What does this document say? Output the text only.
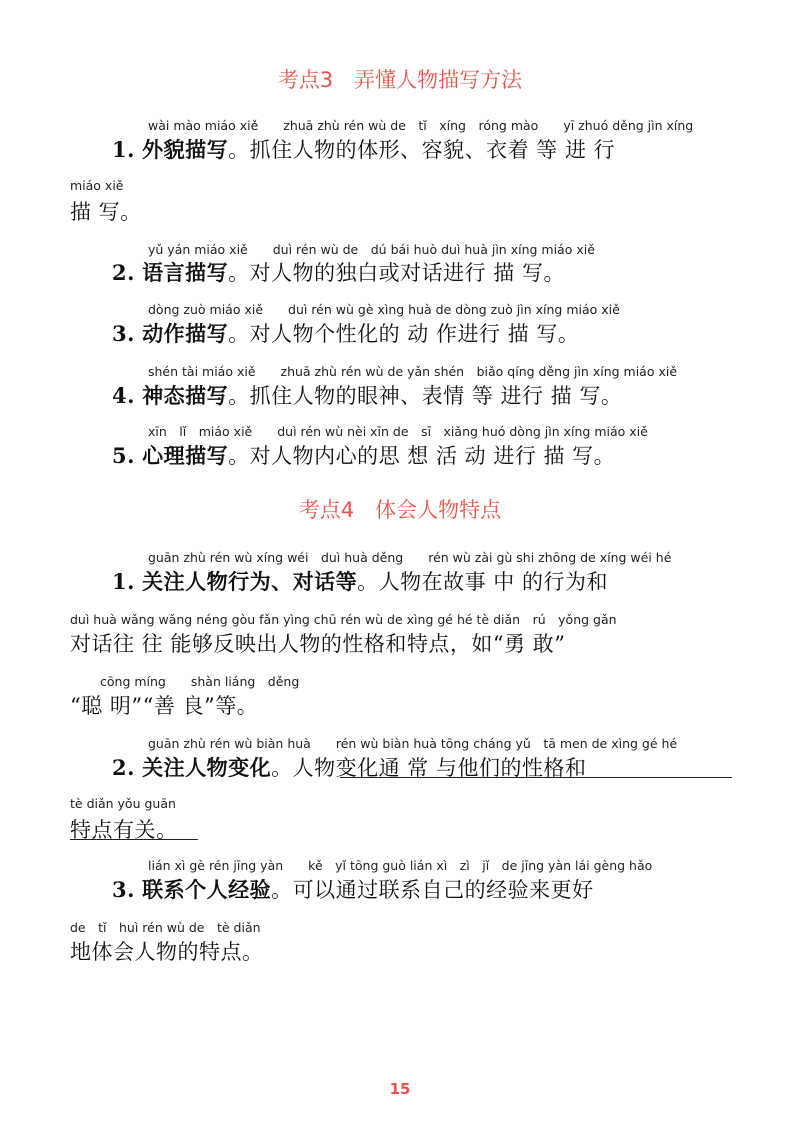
考点3　弄懂人物描写方法
wài mào miáo xiě　　zhuā zhù rén wù de　tǐ　xíng　róng mào　　yī zhuó děng jìn xíng
1. 外貌描写。抓住人物的体形、容貌、衣着 等 进 行
miáo xiě
描 写。
yǔ yán miáo xiě　　duì rén wù de　dú bái huò duì huà jìn xíng miáo xiě
2. 语言描写。对人物的独白或对话进行 描 写。
dòng zuò miáo xiě　　duì rén wù gè xìng huà de dòng zuò jìn xíng miáo xiě
3. 动作描写。对人物个性化的 动 作进行 描 写。
shén tài miáo xiě　　zhuā zhù rén wù de yǎn shén　biǎo qíng děng jìn xíng miáo xiě
4. 神态描写。抓住人物的眼神、表情 等 进行 描 写。
xīn　lǐ　miáo xiě　　duì rén wù nèi xīn de　sī　xiǎng huó dòng jìn xíng miáo xiě
5. 心理描写。对人物内心的思 想 活 动 进行 描 写。
考点4　体会人物特点
guān zhù rén wù xíng wéi　duì huà děng　　rén wù zài gù shi zhōng de xíng wéi hé
1. 关注人物行为、对话等。人物在故事 中 的行为和
duì huà wǎng wǎng néng gòu fǎn yìng chū rén wù de xìng gé hé tè diǎn　rú　yǒng gǎn
对话往 往 能够反映出人物的性格和特点，如“勇 敢”
cōng míng　　shàn liáng　děng
“聪 明”“善 良”等。
guān zhù rén wù biàn huà　　rén wù biàn huà tōng cháng yǔ　tā men de xìng gé hé
2. 关注人物变化。人物变化通 常 与他们的性格和
tè diǎn yǒu guān
特点有关。
lián xì gè rén jīng yàn　　kě　yǐ tōng guò lián xì　zì　jǐ　de jīng yàn lái gèng hǎo
3. 联系个人经验。可以通过联系自己的经验来更好
de　tǐ　huì rén wù de　tè diǎn
地体会人物的特点。
15
